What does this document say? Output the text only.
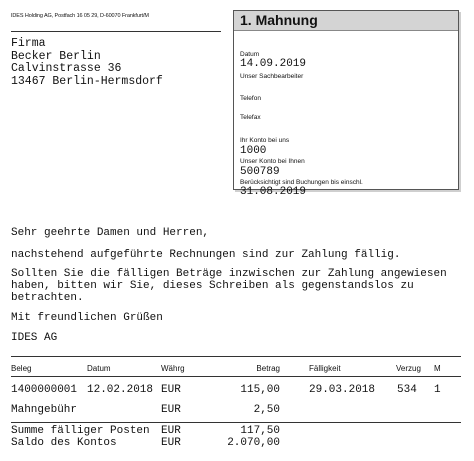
IDES Holding AG, Postfach 16 05 29, D-60070 Frankfurt/M
Firma
Becker Berlin
Calvinstrasse 36
13467 Berlin-Hermsdorf
1. Mahnung
Datum
14.09.2019
Unser Sachbearbeiter
Telefon
Telefax
Ihr Konto bei uns
1000
Unser Konto bei Ihnen
500789
Berücksichtigt sind Buchungen bis einschl.
31.08.2019
Sehr geehrte Damen und Herren,
nachstehend aufgeführte Rechnungen sind zur Zahlung fällig.
Sollten Sie die fälligen Beträge inzwischen zur Zahlung angewiesen
haben, bitten wir Sie, dieses Schreiben als gegenstandslos zu
betrachten.
Mit freundlichen Grüßen
IDES AG
Beleg	Datum	Währg	Betrag	Fälligkeit	Verzug M
1400000001 12.02.2018 EUR	115,00	29.03.2018 534 1
Mahngebühr	EUR	2,50
Summe fälliger Posten EUR	117,50
Saldo des Kontos	EUR	2.070,00
